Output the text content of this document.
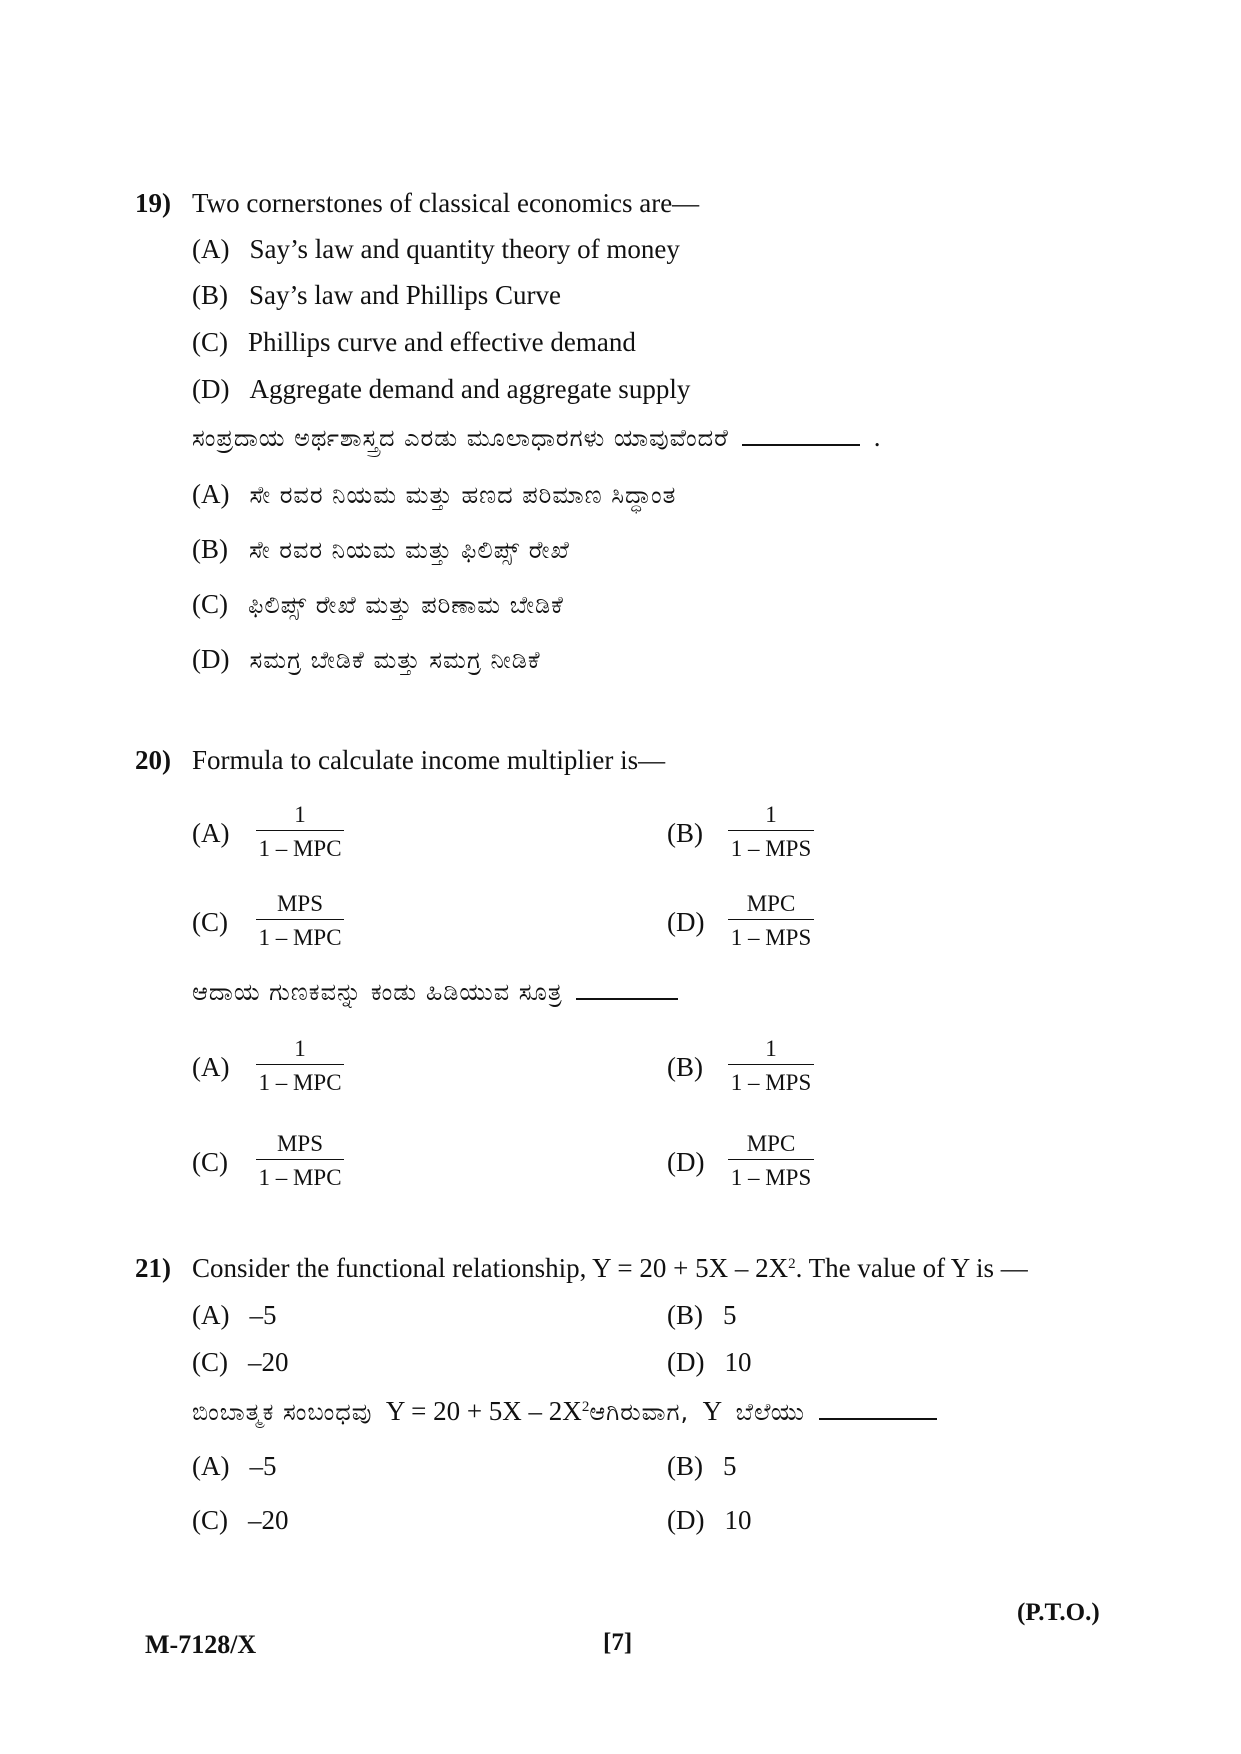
19) Two cornerstones of classical economics are—
(A) Say’s law and quantity theory of money
(B) Say’s law and Phillips Curve
(C) Phillips curve and effective demand
(D) Aggregate demand and aggregate supply
ಸಂಪ್ರದಾಯ ಅರ್ಥಶಾಸ್ತ್ರದ ಎರಡು ಮೂಲಾಧಾರಗಳು ಯಾವುವೆಂದರೆ	.
(A) ಸೇ ರವರ ನಿಯಮ ಮತ್ತು ಹಣದ ಪರಿಮಾಣ ಸಿದ್ಧಾಂತ
(B) ಸೇ ರವರ ನಿಯಮ ಮತ್ತು ಫಿಲಿಪ್ಸ್ ರೇಖೆ
(C) ಫಿಲಿಪ್ಸ್ ರೇಖೆ ಮತ್ತು ಪರಿಣಾಮ ಬೇಡಿಕೆ
(D) ಸಮಗ್ರ ಬೇಡಿಕೆ ಮತ್ತು ಸಮಗ್ರ ನೀಡಿಕೆ
20) Formula to calculate income multiplier is—
(A)
1
1 – MPC
(B)
1
1 – MPS
(C)
MPS
1 – MPC
(D)
MPC
1 – MPS
ಆದಾಯ ಗುಣಕವನ್ನು ಕಂಡು ಹಿಡಿಯುವ ಸೂತ್ರ
(A)
1
1 – MPC
(B)
1
1 – MPS
(C)
MPS
1 – MPC
(D)
MPC
1 – MPS
21) Consider the functional relationship, $Y = 20 + 5X - 2X^2$. The value of Y is —
(A) –5	(B) 5
(C) –20	(D) 10
ಬಿಂಬಾತ್ಮಕ ಸಂಬಂಧವು $Y = 20 + 5X - 2X^2ಆಗಿರುವಾಗ$, Y ಬೆಲೆಯು
(A) –5	(B) 5
(C) –20	(D) 10
M-7128/X	[7]
(P.T.O.)
